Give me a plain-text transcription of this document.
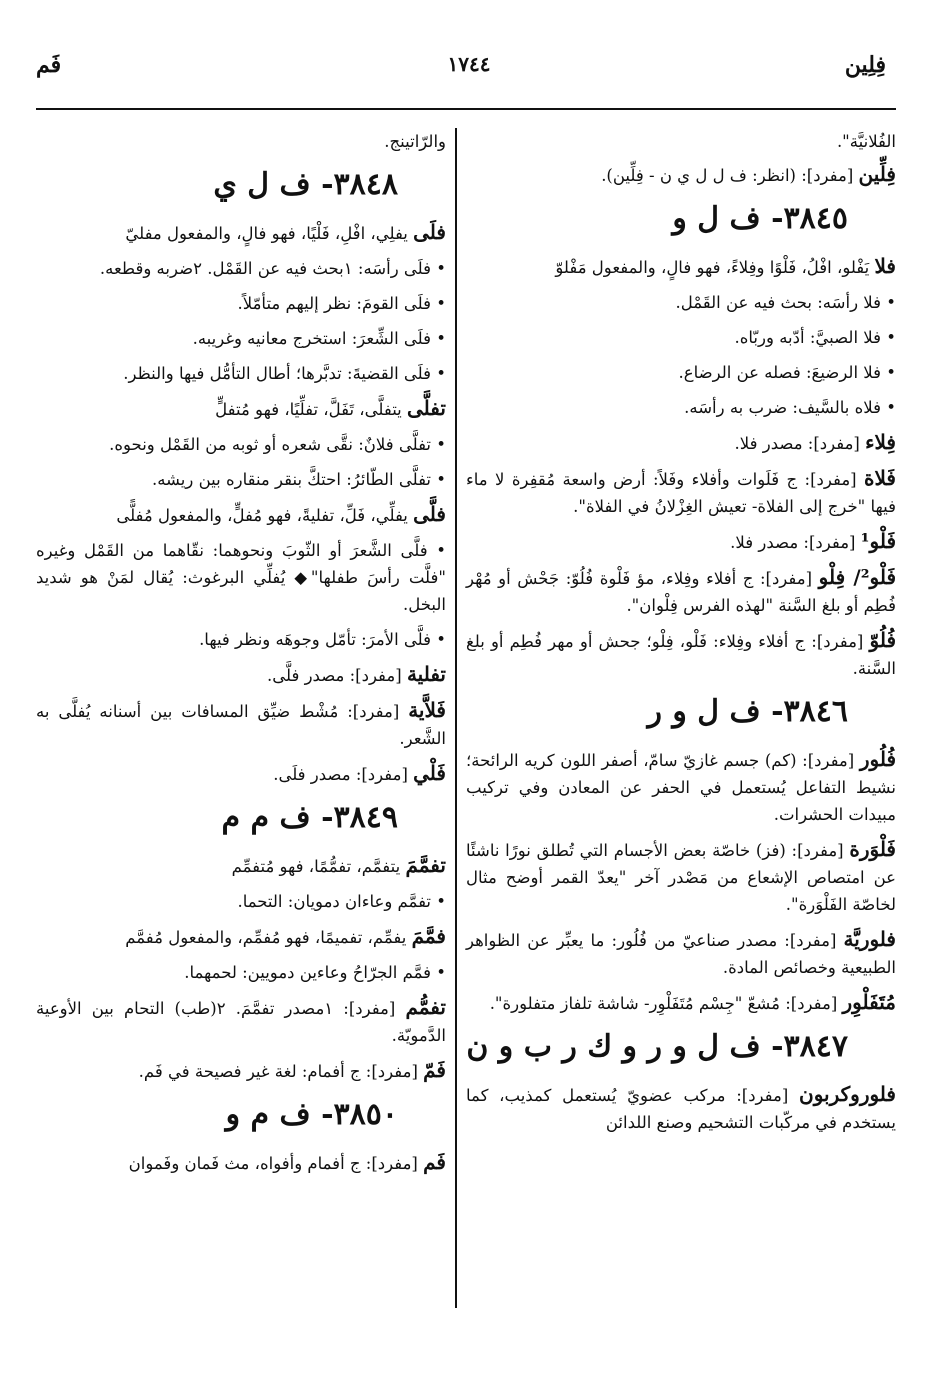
فِلِين
١٧٤٤
فَم

الفُلانيَّة".

فِلِّين [مفرد]: (انظر: ف ل ل ي ن - فِلِّين).

٣٨٤٥- ف ل و

فلا يَفْلو، افْلُ، فَلْوًا وفِلاءً، فهو فالٍ، والمفعول مَفْلوّ

• فلا رأسَه: بحث فيه عن القَمْل.

• فلا الصبيَّ: أدّبه وربّاه.

• فلا الرضيعَ: فصله عن الرضاع.

• فلاه بالسَّيف: ضرب به رأسَه.

فِلاء [مفرد]: مصدر فلا.

فَلاة [مفرد]: ج فَلَوات وأفلاء وفَلاً: أرض واسعة مُقفِرة لا ماء فيها "خرج إلى الفلاة- تعيش الغِزْلانُ في الفلاة".

فَلْو¹ [مفرد]: مصدر فلا.

فَلْو²/ فِلْو [مفرد]: ج أفلاء وفِلاء، مؤ فَلْوة فُلُوّ: جَحْش أو مُهْر فُطِم أو بلغ السَّنة "لهذه الفرس فِلْوان".

فُلُوّ [مفرد]: ج أفلاء وفِلاء: فَلْو، فِلْو؛ جحش أو مهر فُطِم أو بلغ السَّنة.

٣٨٤٦- ف ل و ر

فُلُور [مفرد]: (كم) جسم غازيّ سامّ، أصفر اللون كريه الرائحة؛ نشيط التفاعل يُستعمل في الحفر عن المعادن وفي تركيب مبيدات الحشرات.

فَلْوَرة [مفرد]: (فز) خاصّة بعض الأجسام التي تُطلق نورًا ناشئًا عن امتصاص الإشعاع من مَصْدر آخر "يعدّ القمر أوضح مثال لخاصّة الفَلْوَرة".

فلوريَّة [مفرد]: مصدر صناعيّ من فُلُور: ما يعبِّر عن الظواهر الطبيعية وخصائص المادة.

مُتَفَلْوِر [مفرد]: مُشعّ "جِسْم مُتَفَلْوِر- شاشة تلفاز متفلورة".

٣٨٤٧- ف ل و ر و ك ر ب و ن

فلوروكربون [مفرد]: مركب عضويّ يُستعمل كمذيب، كما يستخدم في مركّبات التشحيم وصنع اللدائن

والرّاتينج.

٣٨٤٨- ف ل ي

فلَى يفلِي، افْلِ، فَلْيًا، فهو فالٍ، والمفعول مفليّ

• فلَى رأسَه: ١بحث فيه عن القَمْل. ٢ضربه وقطعه.

• فلَى القومَ: نظر إليهم متأمّلاً.

• فلَى الشِّعرَ: استخرج معانيه وغريبه.

• فلَى القضيةَ: تدبَّرها؛ أطال التأمُّل فيها والنظر.

تفلَّى يتفلَّى، تَفَلَّ، تفلِّيًا، فهو مُتفلٍّ

• تفلَّى فلانٌ: نقَّى شعره أو ثوبه من القَمْل ونحوه.

• تفلَّى الطّائرُ: احتكَّ بنقر منقاره بين ريشه.

فلَّى يفلِّي، فَلِّ، تفليةً، فهو مُفلٍّ، والمفعول مُفلًّى

• فلَّى الشَّعرَ أو الثّوبَ ونحوهما: نقّاهما من القَمْل وغيره "فلَّت رأسَ طفلها"◆ يُفلِّي البرغوث: يُقال لمَنْ هو شديد البخل.

• فلَّى الأمرَ: تأمّل وجوهَه ونظر فيها.

تفلية [مفرد]: مصدر فلَّى.

فَلاَّية [مفرد]: مُشْط ضيِّق المسافات بين أسنانه يُفلَّى به الشَّعر.

فَلْي [مفرد]: مصدر فلَى.

٣٨٤٩- ف م م

تفمَّمَ يتفمَّم، تفمُّمًا، فهو مُتفمِّم

• تفمَّم وعاءان دمويان: التحما.

فمَّمَ يفمِّم، تفميمًا، فهو مُفمِّم، والمفعول مُفمَّم

• فمَّم الجرّاحُ وعاءين دمويين: لحمهما.

تفمُّم [مفرد]: ١مصدر تفمَّمَ. ٢(طب) التحام بين الأوعية الدَّمويّة.

فَمّ [مفرد]: ج أفمام: لغة غير فصيحة في فَم.

٣٨٥٠- ف م و

فَم [مفرد]: ج أفمام وأفواه، مث فَمان وفَموان
